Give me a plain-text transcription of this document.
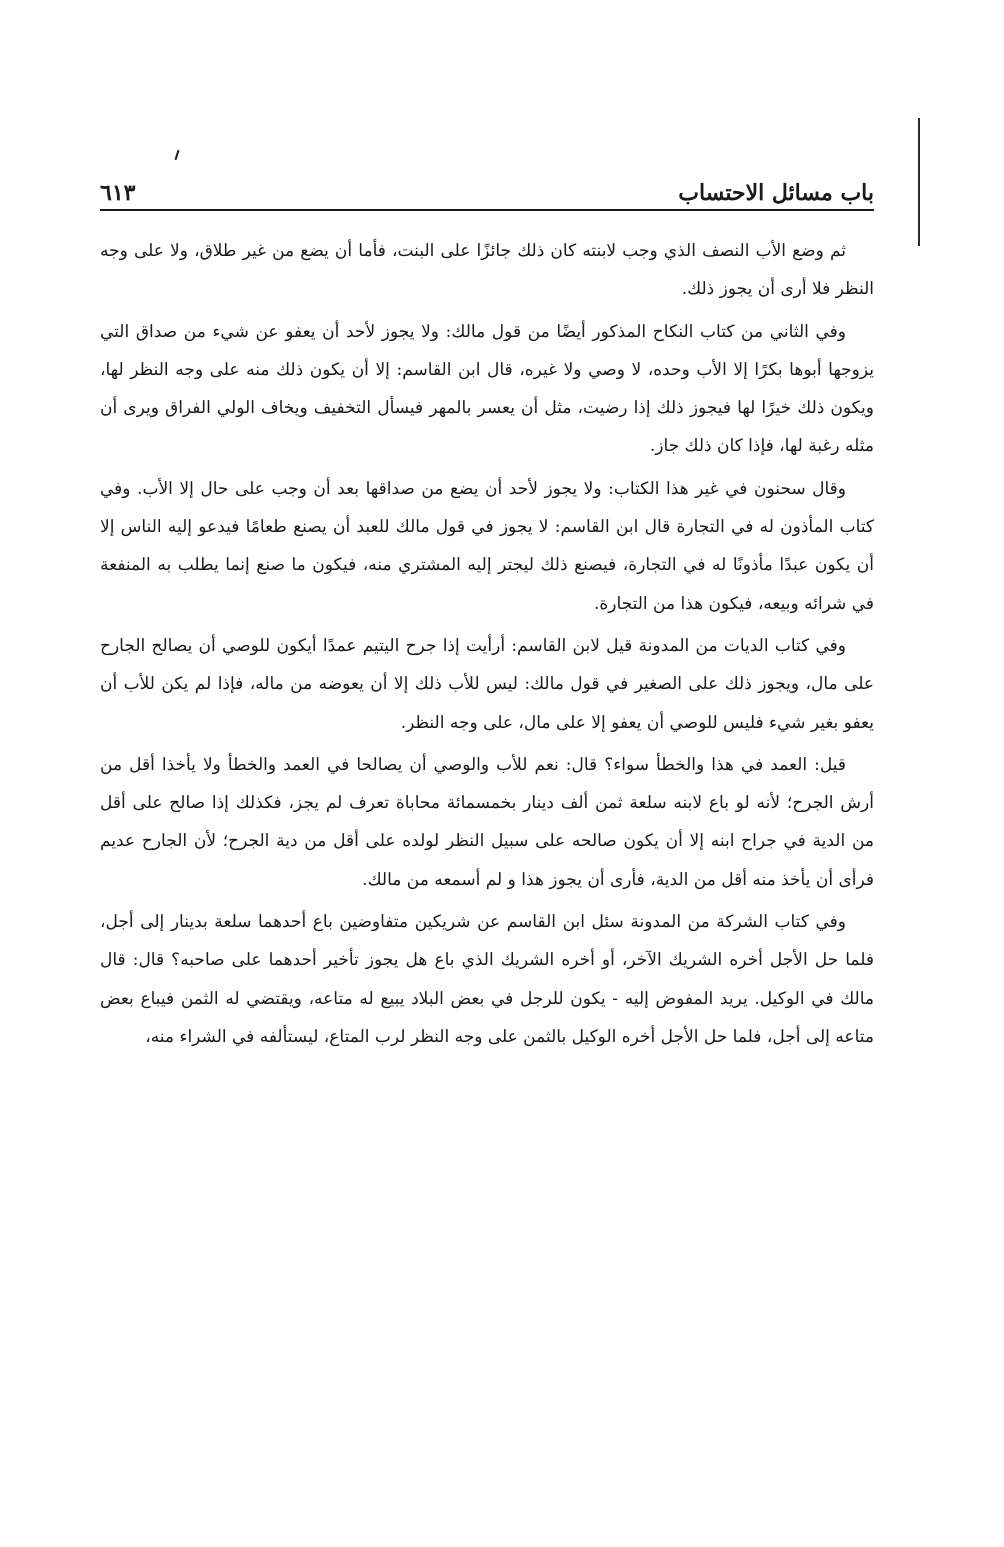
باب مسائل الاحتساب
٦١٣

ثم وضع الأب النصف الذي وجب لابنته كان ذلك جائزًا على البنت، فأما أن يضع من غير طلاق، ولا على وجه النظر فلا أرى أن يجوز ذلك.

وفي الثاني من كتاب النكاح المذكور أيضًا من قول مالك: ولا يجوز لأحد أن يعفو عن شيء من صداق التي يزوجها أبوها بكرًا إلا الأب وحده، لا وصي ولا غيره، قال ابن القاسم: إلا أن يكون ذلك منه على وجه النظر لها، ويكون ذلك خيرًا لها فيجوز ذلك إذا رضيت، مثل أن يعسر بالمهر فيسأل التخفيف ويخاف الولي الفراق ويرى أن مثله رغبة لها، فإذا كان ذلك جاز.

وقال سحنون في غير هذا الكتاب: ولا يجوز لأحد أن يضع من صداقها بعد أن وجب على حال إلا الأب. وفي كتاب المأذون له في التجارة قال ابن القاسم: لا يجوز في قول مالك للعبد أن يصنع طعامًا فيدعو إليه الناس إلا أن يكون عبدًا مأذونًا له في التجارة، فيصنع ذلك ليجتر إليه المشتري منه، فيكون ما صنع إنما يطلب به المنفعة في شرائه وبيعه، فيكون هذا من التجارة.

وفي كتاب الديات من المدونة قيل لابن القاسم: أرأيت إذا جرح اليتيم عمدًا أيكون للوصي أن يصالح الجارح على مال، ويجوز ذلك على الصغير في قول مالك: ليس للأب ذلك إلا أن يعوضه من ماله، فإذا لم يكن للأب أن يعفو بغير شيء فليس للوصي أن يعفو إلا على مال، على وجه النظر.

قيل: العمد في هذا والخطأ سواء؟ قال: نعم للأب والوصي أن يصالحا في العمد والخطأ ولا يأخذا أقل من أرش الجرح؛ لأنه لو باع لابنه سلعة ثمن ألف دينار بخمسمائة محاباة تعرف لم يجز، فكذلك إذا صالح على أقل من الدية في جراح ابنه إلا أن يكون صالحه على سبيل النظر لولده على أقل من دية الجرح؛ لأن الجارح عديم فرأى أن يأخذ منه أقل من الدية، فأرى أن يجوز هذا و لم أسمعه من مالك.

وفي كتاب الشركة من المدونة سئل ابن القاسم عن شريكين متفاوضين باع أحدهما سلعة بدينار إلى أجل، فلما حل الأجل أخره الشريك الآخر، أو أخره الشريك الذي باع هل يجوز تأخير أحدهما على صاحبه؟ قال: قال مالك في الوكيل. يريد المفوض إليه - يكون للرجل في بعض البلاد يبيع له متاعه، ويقتضي له الثمن فيباع بعض متاعه إلى أجل، فلما حل الأجل أخره الوكيل بالثمن على وجه النظر لرب المتاع، ليستألفه في الشراء منه،
